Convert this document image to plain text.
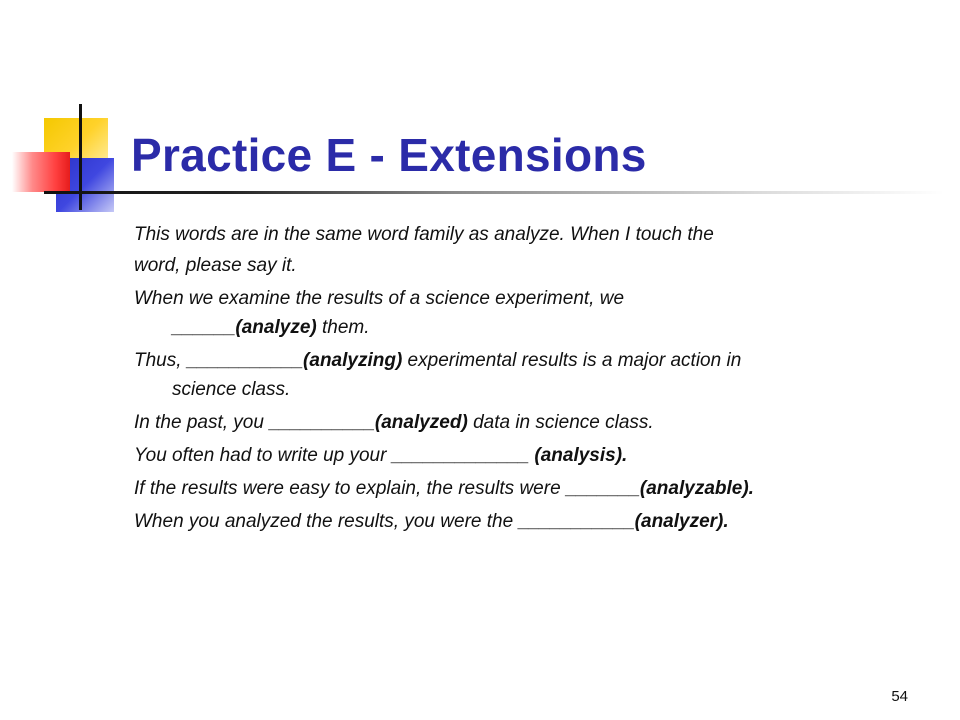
Practice E - Extensions

This words are in the same word family as analyze. When I touch the

word, please say it.

When we examine the results of a science experiment, we
______(analyze) them.

Thus, ___________(analyzing) experimental results is a major action in
science class.

In the past, you __________(analyzed) data in science class.

You often had to write up your _____________ (analysis).

If the results were easy to explain, the results were _______(analyzable).

When you analyzed the results, you were the ___________(analyzer).

54
